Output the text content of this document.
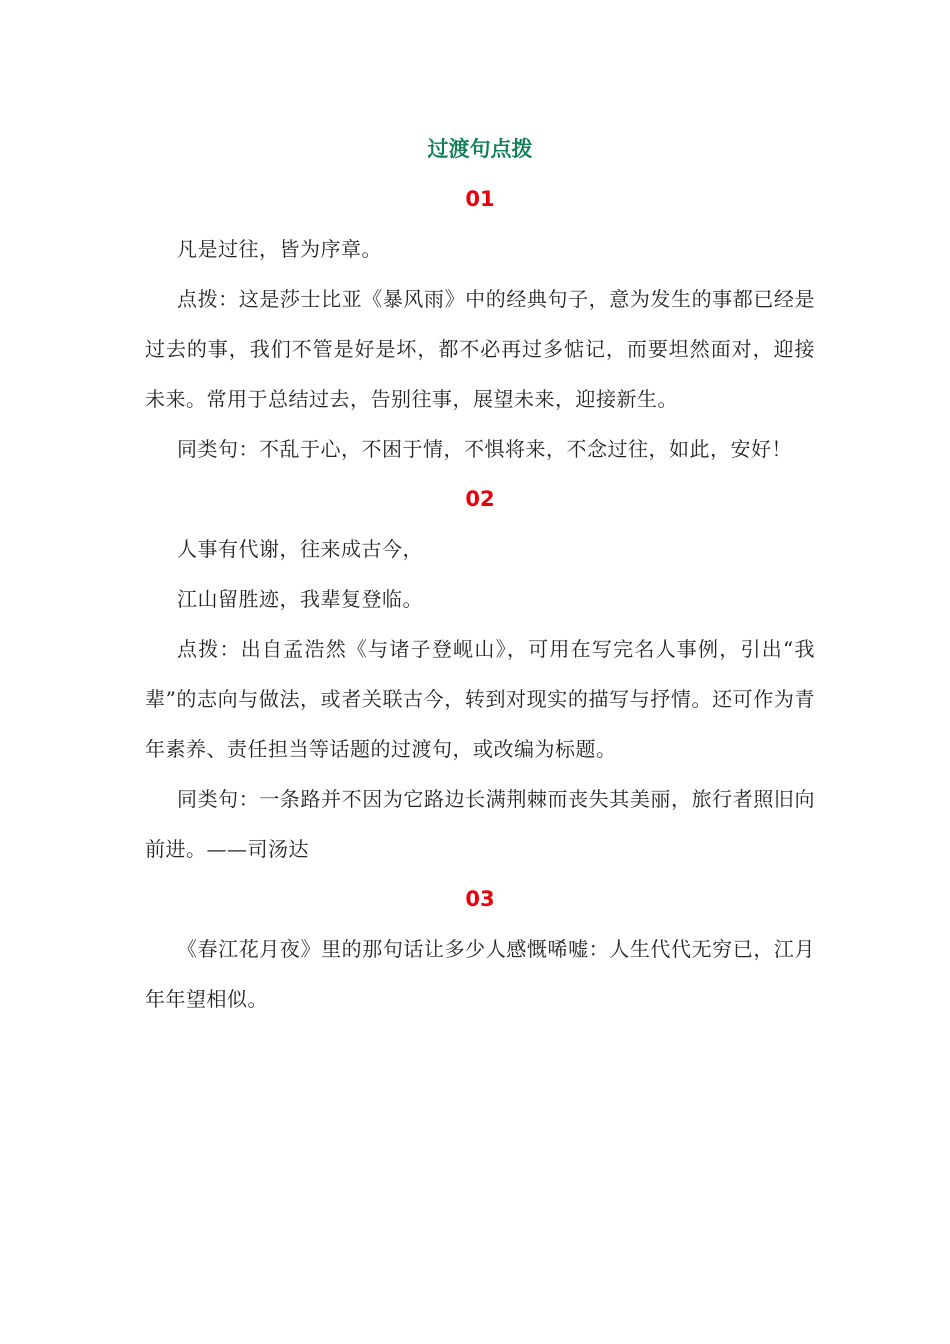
过渡句点拨
01

凡是过往，皆为序章。

点拨：这是莎士比亚《暴风雨》中的经典句子，意为发生的事都已经是过去的事，我们不管是好是坏，都不必再过多惦记，而要坦然面对，迎接未来。常用于总结过去，告别往事，展望未来，迎接新生。

同类句：不乱于心，不困于情，不惧将来，不念过往，如此，安好！

02

人事有代谢，往来成古今，

江山留胜迹，我辈复登临。

点拨：出自孟浩然《与诸子登岘山》，可用在写完名人事例，引出“我辈”的志向与做法，或者关联古今，转到对现实的描写与抒情。还可作为青年素养、责任担当等话题的过渡句，或改编为标题。

同类句：一条路并不因为它路边长满荆棘而丧失其美丽，旅行者照旧向前进。——司汤达

03

《春江花月夜》里的那句话让多少人感慨唏嘘：人生代代无穷已，江月年年望相似。
